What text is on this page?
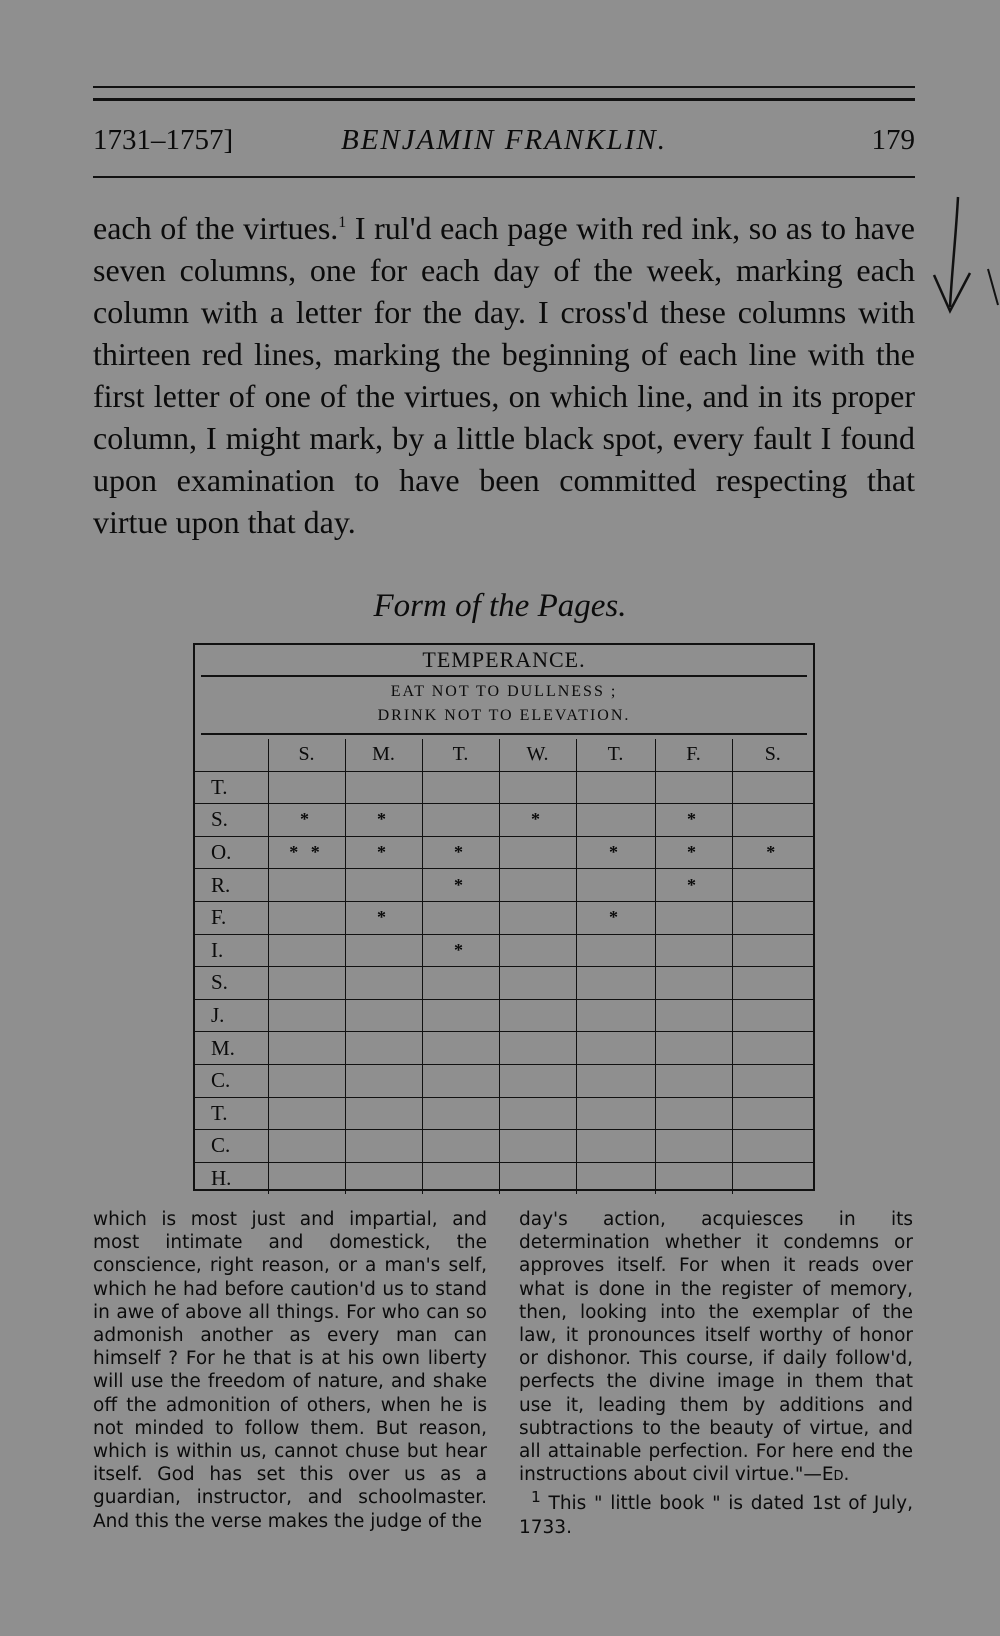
1731–1757]	BENJAMIN FRANKLIN.	179

each of the virtues.$^1$ I rul'd each page with red ink, so as to have seven columns, one for each day of the week, marking each column with a letter for the day. I cross'd these columns with thirteen red lines, marking the beginning of each line with the first letter of one of the virtues, on which line, and in its proper column, I might mark, by a little black spot, every fault I found upon examination to have been committed respecting that virtue upon that day.

Form of the Pages.
TEMPERANCE.
EAT NOT TO DULLNESS ;
DRINK NOT TO ELEVATION.
	S.	M.	T.	W.	T.	F.	S.
T.							
S.	*	*		*		*	
O.	* *	*	*		*	*	*
R.			*			*	
F.		*			*		
I.			*				
S.							
J.							
M.							
C.							
T.							
C.							
H.							

which is most just and impartial, and most intimate and domestick, the conscience, right reason, or a man's self, which he had before caution'd us to stand in awe of above all things. For who can so admonish another as every man can himself ? For he that is at his own liberty will use the freedom of nature, and shake off the admonition of others, when he is not minded to follow them. But reason, which is within us, cannot chuse but hear itself. God has set this over us as a guardian, instructor, and schoolmaster. And this the verse makes the judge of the

day's action, acquiesces in its determination whether it condemns or approves itself. For when it reads over what is done in the register of memory, then, looking into the exemplar of the law, it pronounces itself worthy of honor or dishonor. This course, if daily follow'd, perfects the divine image in them that use it, leading them by additions and subtractions to the beauty of virtue, and all attainable perfection. For here end the instructions about civil virtue."—Ed.

$^1$ This " little book " is dated 1st of July, 1733.
